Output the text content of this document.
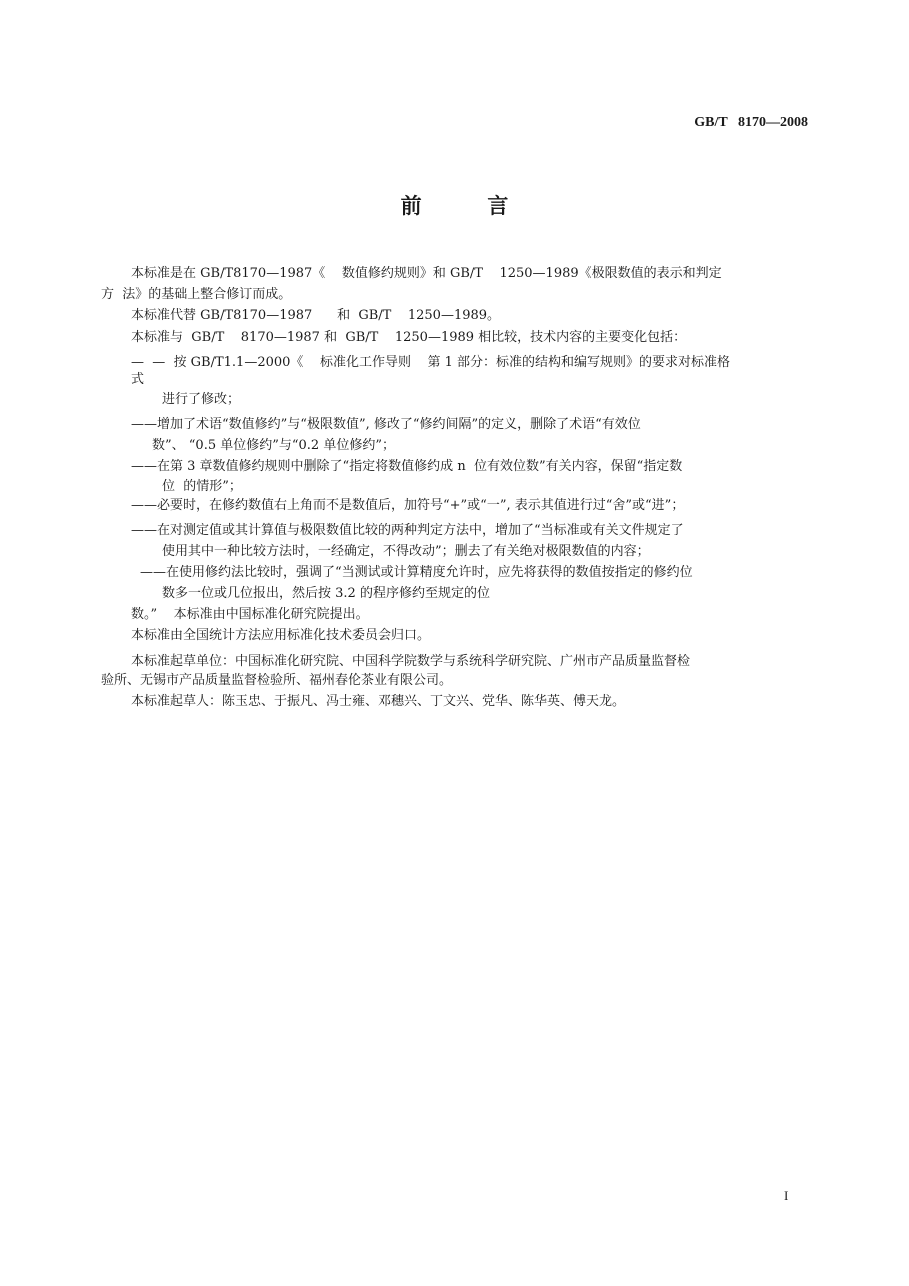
GB/T   8170—2008
前         言
本标准是在 GB/T8170—1987《    数值修约规则》和 GB/T    1250—1989《极限数值的表示和判定
方  法》的基础上整合修订而成。
本标准代替 GB/T8170—1987      和  GB/T    1250—1989。
本标准与  GB/T    8170—1987 和  GB/T    1250—1989 相比较，技术内容的主要变化包括：
—  —  按 GB/T1.1—2000《    标准化工作导则    第 1 部分：标准的结构和编写规则》的要求对标准格
式
进行了修改；
——增加了术语“数值修约”与“极限数值”, 修改了“修约间隔”的定义，删除了术语“有效位
数”、 “0.5 单位修约”与“0.2 单位修约”；
——在第 3 章数值修约规则中删除了“指定将数值修约成 n  位有效位数”有关内容，保留“指定数
位  的情形”；
——必要时，在修约数值右上角而不是数值后，加符号“+”或“一”, 表示其值进行过“舍”或“进”；
——在对测定值或其计算值与极限数值比较的两种判定方法中，增加了“当标准或有关文件规定了
使用其中一种比较方法时，一经确定，不得改动”；删去了有关绝对极限数值的内容；
——在使用修约法比较时，强调了“当测试或计算精度允许时，应先将获得的数值按指定的修约位
数多一位或几位报出，然后按 3.2 的程序修约至规定的位
数。”    本标准由中国标准化研究院提出。
本标准由全国统计方法应用标准化技术委员会归口。
本标准起草单位：中国标准化研究院、中国科学院数学与系统科学研究院、广州市产品质量监督检
验所、无锡市产品质量监督检验所、福州春伦茶业有限公司。
本标准起草人：陈玉忠、于振凡、冯士雍、邓穗兴、丁文兴、党华、陈华英、傅天龙。
I
